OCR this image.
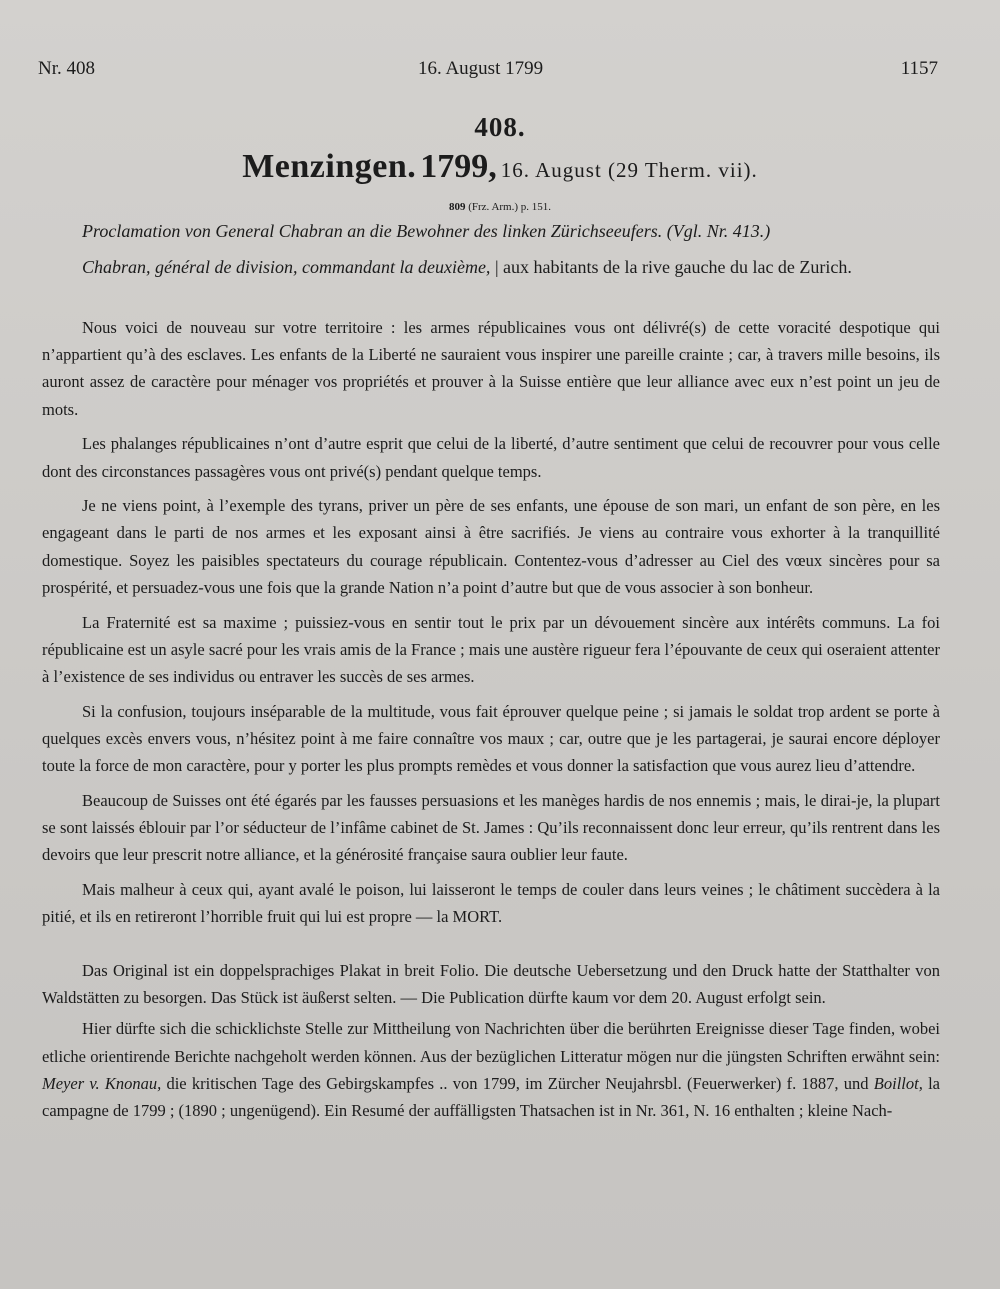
Nr. 408	16. August 1799	1157
408.
Menzingen. 1799, 16. August (29 Therm. vii).
809 (Frz. Arm.) p. 151.
Proclamation von General Chabran an die Bewohner des linken Zürichseeufers. (Vgl. Nr. 413.)
Chabran, général de division, commandant la deuxième, | aux habitants de la rive gauche du lac de Zurich.

Nous voici de nouveau sur votre territoire : les armes républicaines vous ont délivré(s) de cette voracité despotique qui n’appartient qu’à des esclaves. Les enfants de la Liberté ne sauraient vous inspirer une pareille crainte ; car, à travers mille besoins, ils auront assez de caractère pour ménager vos propriétés et prouver à la Suisse entière que leur alliance avec eux n’est point un jeu de mots.

Les phalanges républicaines n’ont d’autre esprit que celui de la liberté, d’autre sentiment que celui de recouvrer pour vous celle dont des circonstances passagères vous ont privé(s) pendant quelque temps.

Je ne viens point, à l’exemple des tyrans, priver un père de ses enfants, une épouse de son mari, un enfant de son père, en les engageant dans le parti de nos armes et les exposant ainsi à être sacrifiés. Je viens au contraire vous exhorter à la tranquillité domestique. Soyez les paisibles spectateurs du courage républicain. Contentez-vous d’adresser au Ciel des vœux sincères pour sa prospérité, et persuadez-vous une fois que la grande Nation n’a point d’autre but que de vous associer à son bonheur.

La Fraternité est sa maxime ; puissiez-vous en sentir tout le prix par un dévouement sincère aux intérêts communs. La foi républicaine est un asyle sacré pour les vrais amis de la France ; mais une austère rigueur fera l’épouvante de ceux qui oseraient attenter à l’existence de ses individus ou entraver les succès de ses armes.

Si la confusion, toujours inséparable de la multitude, vous fait éprouver quelque peine ; si jamais le soldat trop ardent se porte à quelques excès envers vous, n’hésitez point à me faire connaître vos maux ; car, outre que je les partagerai, je saurai encore déployer toute la force de mon caractère, pour y porter les plus prompts remèdes et vous donner la satisfaction que vous aurez lieu d’attendre.

Beaucoup de Suisses ont été égarés par les fausses persuasions et les manèges hardis de nos ennemis ; mais, le dirai-je, la plupart se sont laissés éblouir par l’or séducteur de l’infâme cabinet de St. James : Qu’ils reconnaissent donc leur erreur, qu’ils rentrent dans les devoirs que leur prescrit notre alliance, et la générosité française saura oublier leur faute.

Mais malheur à ceux qui, ayant avalé le poison, lui laisseront le temps de couler dans leurs veines ; le châtiment succèdera à la pitié, et ils en retireront l’horrible fruit qui lui est propre — la MORT.

Das Original ist ein doppelsprachiges Plakat in breit Folio. Die deutsche Uebersetzung und den Druck hatte der Statthalter von Waldstätten zu besorgen. Das Stück ist äußerst selten. — Die Publication dürfte kaum vor dem 20. August erfolgt sein.

Hier dürfte sich die schicklichste Stelle zur Mittheilung von Nachrichten über die berührten Ereignisse dieser Tage finden, wobei etliche orientirende Berichte nachgeholt werden können. Aus der bezüglichen Litteratur mögen nur die jüngsten Schriften erwähnt sein: Meyer v. Knonau, die kritischen Tage des Gebirgskampfes .. von 1799, im Zürcher Neujahrsbl. (Feuerwerker) f. 1887, und Boillot, la campagne de 1799 ; (1890 ; ungenügend). Ein Resumé der auffälligsten Thatsachen ist in Nr. 361, N. 16 enthalten ; kleine Nach-
